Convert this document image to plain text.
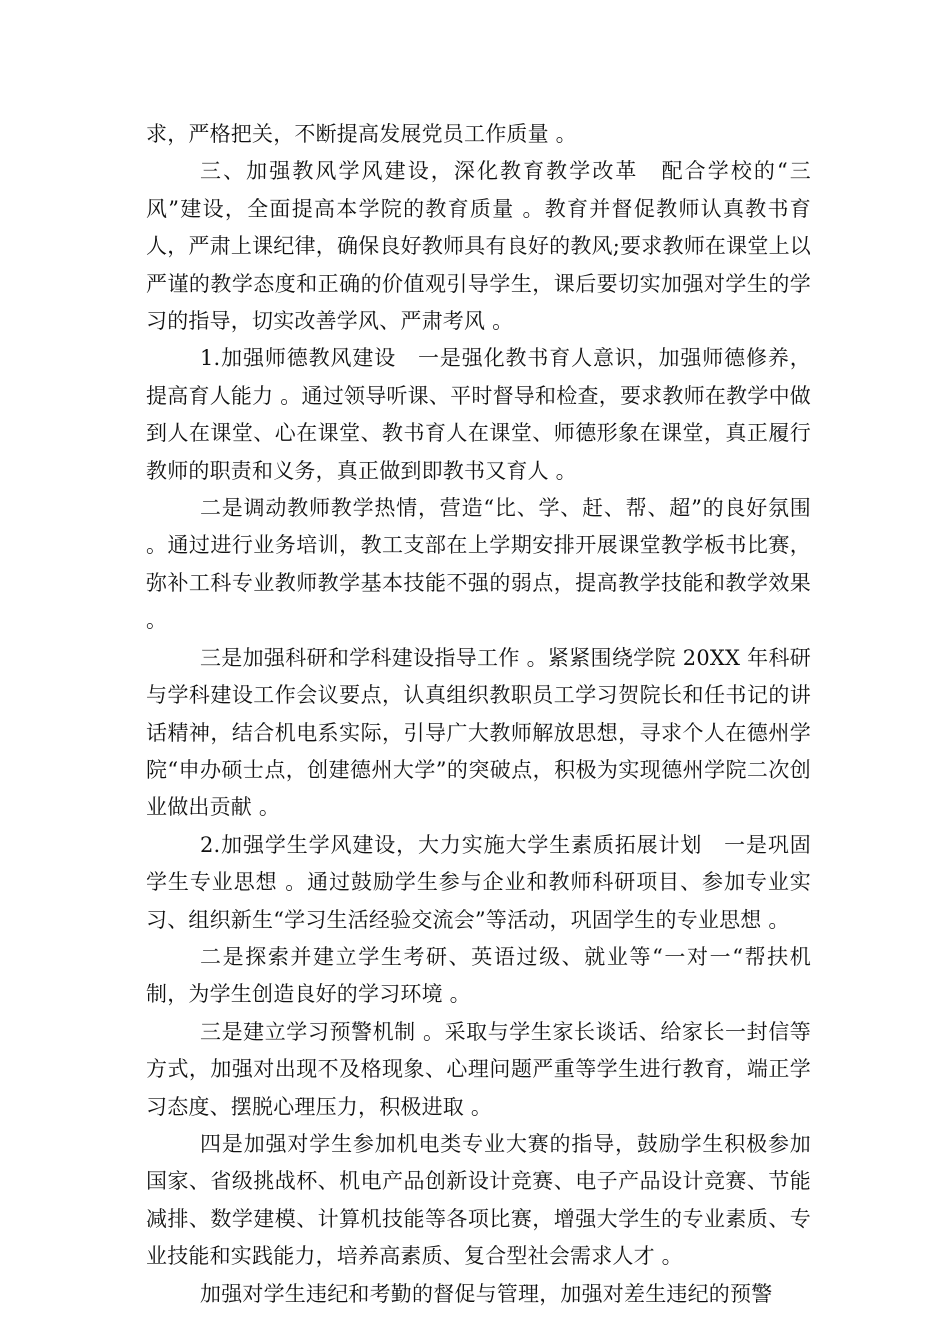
求，严格把关，不断提高发展党员工作质量 。

三、加强教风学风建设，深化教育教学改革　配合学校的“三风”建设，全面提高本学院的教育质量 。教育并督促教师认真教书育人，严肃上课纪律，确保良好教师具有良好的教风;要求教师在课堂上以严谨的教学态度和正确的价值观引导学生，课后要切实加强对学生的学习的指导，切实改善学风、严肃考风 。

1.加强师德教风建设　一是强化教书育人意识，加强师德修养，提高育人能力 。通过领导听课、平时督导和检查，要求教师在教学中做到人在课堂、心在课堂、教书育人在课堂、师德形象在课堂，真正履行教师的职责和义务，真正做到即教书又育人 。

二是调动教师教学热情，营造“比、学、赶、帮、超”的良好氛围 。通过进行业务培训，教工支部在上学期安排开展课堂教学板书比赛，弥补工科专业教师教学基本技能不强的弱点，提高教学技能和教学效果 。

三是加强科研和学科建设指导工作 。紧紧围绕学院 20XX 年科研与学科建设工作会议要点，认真组织教职员工学习贺院长和任书记的讲话精神，结合机电系实际，引导广大教师解放思想，寻求个人在德州学院“申办硕士点，创建德州大学”的突破点，积极为实现德州学院二次创业做出贡献 。

2.加强学生学风建设，大力实施大学生素质拓展计划　一是巩固学生专业思想 。通过鼓励学生参与企业和教师科研项目、参加专业实习、组织新生“学习生活经验交流会”等活动，巩固学生的专业思想 。

二是探索并建立学生考研、英语过级、就业等“一对一“帮扶机制，为学生创造良好的学习环境 。

三是建立学习预警机制 。采取与学生家长谈话、给家长一封信等方式，加强对出现不及格现象、心理问题严重等学生进行教育，端正学习态度、摆脱心理压力，积极进取 。

四是加强对学生参加机电类专业大赛的指导，鼓励学生积极参加国家、省级挑战杯、机电产品创新设计竞赛、电子产品设计竞赛、节能减排、数学建模、计算机技能等各项比赛，增强大学生的专业素质、专业技能和实践能力，培养高素质、复合型社会需求人才 。

加强对学生违纪和考勤的督促与管理，加强对差生违纪的预警
